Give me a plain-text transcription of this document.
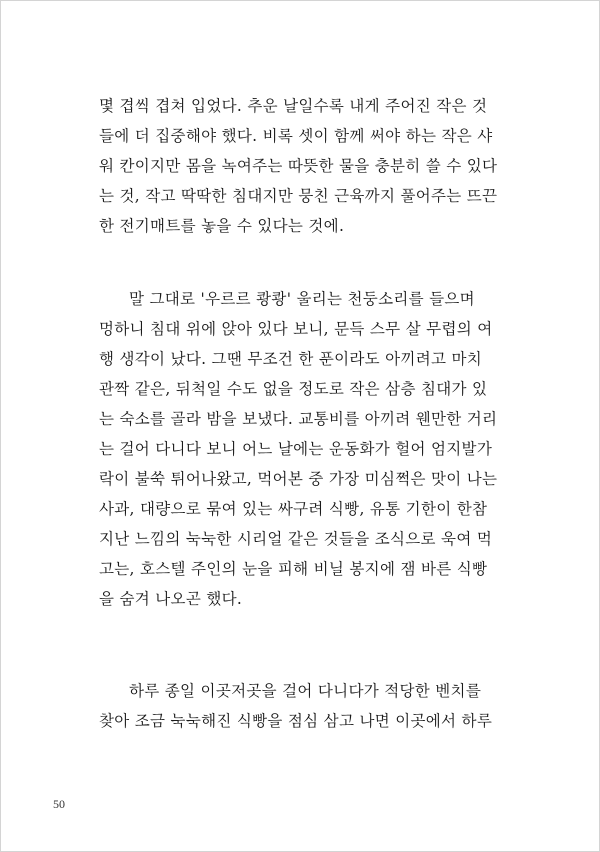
몇 겹씩 겹쳐 입었다. 추운 날일수록 내게 주어진 작은 것
들에 더 집중해야 했다. 비록 셋이 함께 써야 하는 작은 샤
워 칸이지만 몸을 녹여주는 따뜻한 물을 충분히 쓸 수 있다
는 것, 작고 딱딱한 침대지만 뭉친 근육까지 풀어주는 뜨끈
한 전기매트를 놓을 수 있다는 것에.
말 그대로 '우르르 쾅쾅' 울리는 천둥소리를 들으며
멍하니 침대 위에 앉아 있다 보니, 문득 스무 살 무렵의 여
행 생각이 났다. 그땐 무조건 한 푼이라도 아끼려고 마치
관짝 같은, 뒤척일 수도 없을 정도로 작은 삼층 침대가 있
는 숙소를 골라 밤을 보냈다. 교통비를 아끼려 웬만한 거리
는 걸어 다니다 보니 어느 날에는 운동화가 헐어 엄지발가
락이 불쑥 튀어나왔고, 먹어본 중 가장 미심쩍은 맛이 나는
사과, 대량으로 묶여 있는 싸구려 식빵, 유통 기한이 한참
지난 느낌의 눅눅한 시리얼 같은 것들을 조식으로 욱여 먹
고는, 호스텔 주인의 눈을 피해 비닐 봉지에 잼 바른 식빵
을 숨겨 나오곤 했다.
하루 종일 이곳저곳을 걸어 다니다가 적당한 벤치를
찾아 조금 눅눅해진 식빵을 점심 삼고 나면 이곳에서 하루
50
